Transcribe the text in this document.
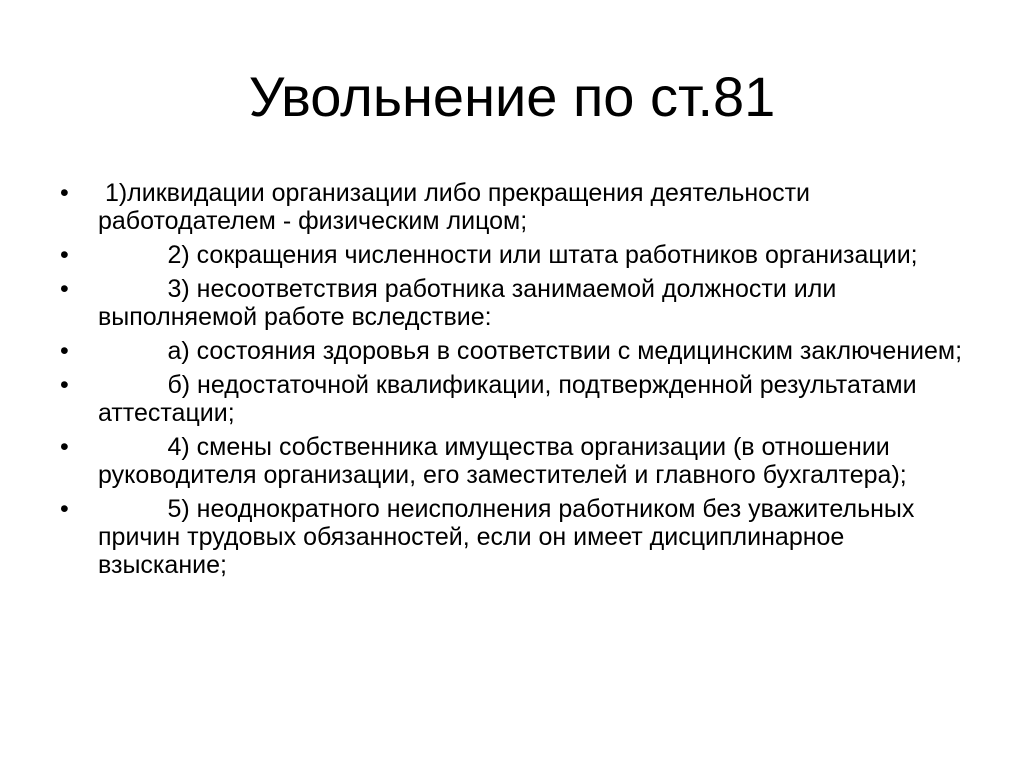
Увольнение по ст.81
•	1)ликвидации организации либо прекращения деятельности работодателем - физическим лицом;
•	2) сокращения численности или штата работников организации;
•	3) несоответствия работника занимаемой должности или выполняемой работе вследствие:
•	а) состояния здоровья в соответствии с медицинским заключением;
•	б) недостаточной квалификации, подтвержденной результатами аттестации;
•	4) смены собственника имущества организации (в отношении руководителя организации, его заместителей и главного бухгалтера);
•	5) неоднократного неисполнения работником без уважительных причин трудовых обязанностей, если он имеет дисциплинарное взыскание;
